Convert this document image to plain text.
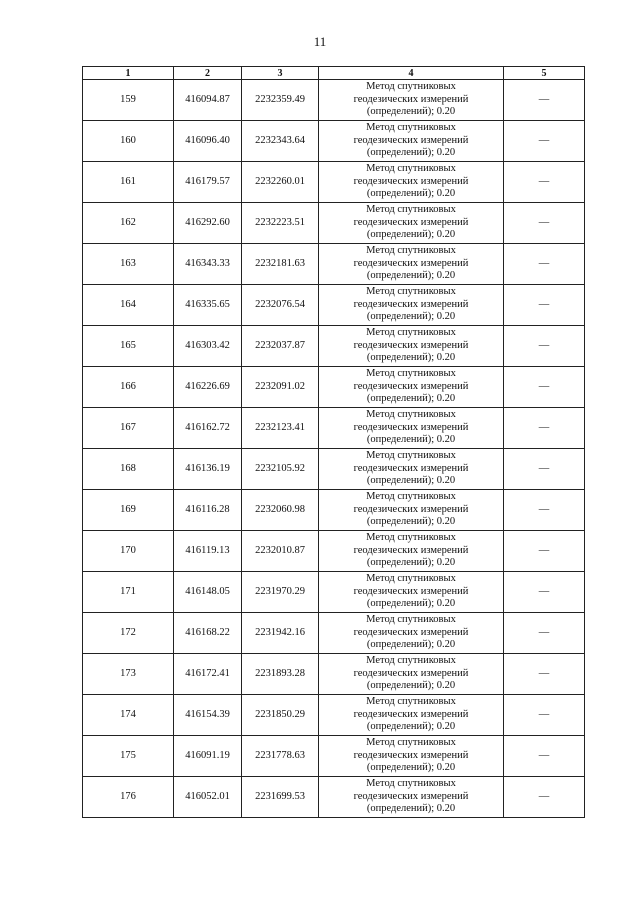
11
1	2	3	4	5
159	416094.87	2232359.49	Метод спутниковых
геодезических измерений
(определений); 0.20	—
160	416096.40	2232343.64	Метод спутниковых
геодезических измерений
(определений); 0.20	—
161	416179.57	2232260.01	Метод спутниковых
геодезических измерений
(определений); 0.20	—
162	416292.60	2232223.51	Метод спутниковых
геодезических измерений
(определений); 0.20	—
163	416343.33	2232181.63	Метод спутниковых
геодезических измерений
(определений); 0.20	—
164	416335.65	2232076.54	Метод спутниковых
геодезических измерений
(определений); 0.20	—
165	416303.42	2232037.87	Метод спутниковых
геодезических измерений
(определений); 0.20	—
166	416226.69	2232091.02	Метод спутниковых
геодезических измерений
(определений); 0.20	—
167	416162.72	2232123.41	Метод спутниковых
геодезических измерений
(определений); 0.20	—
168	416136.19	2232105.92	Метод спутниковых
геодезических измерений
(определений); 0.20	—
169	416116.28	2232060.98	Метод спутниковых
геодезических измерений
(определений); 0.20	—
170	416119.13	2232010.87	Метод спутниковых
геодезических измерений
(определений); 0.20	—
171	416148.05	2231970.29	Метод спутниковых
геодезических измерений
(определений); 0.20	—
172	416168.22	2231942.16	Метод спутниковых
геодезических измерений
(определений); 0.20	—
173	416172.41	2231893.28	Метод спутниковых
геодезических измерений
(определений); 0.20	—
174	416154.39	2231850.29	Метод спутниковых
геодезических измерений
(определений); 0.20	—
175	416091.19	2231778.63	Метод спутниковых
геодезических измерений
(определений); 0.20	—
176	416052.01	2231699.53	Метод спутниковых
геодезических измерений
(определений); 0.20	—
